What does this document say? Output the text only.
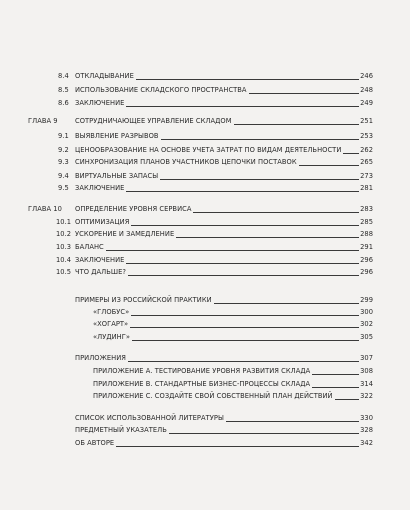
8.4 ОТКЛАДЫВАНИЕ	246
8.5 ИСПОЛЬЗОВАНИЕ СКЛАДСКОГО ПРОСТРАНСТВА	248
8.6 ЗАКЛЮЧЕНИЕ	249
ГЛАВА 9	СОТРУДНИЧАЮЩЕЕ УПРАВЛЕНИЕ СКЛАДОМ	251
9.1 ВЫЯВЛЕНИЕ РАЗРЫВОВ	253
9.2 ЦЕНООБРАЗОВАНИЕ НА ОСНОВЕ УЧЕТА ЗАТРАТ ПО ВИДАМ ДЕЯТЕЛЬНОСТИ	262
9.3 СИНХРОНИЗАЦИЯ ПЛАНОВ УЧАСТНИКОВ ЦЕПОЧКИ ПОСТАВОК	265
9.4 ВИРТУАЛЬНЫЕ ЗАПАСЫ	273
9.5 ЗАКЛЮЧЕНИЕ	281
ГЛАВА 10 ОПРЕДЕЛЕНИЕ УРОВНЯ СЕРВИСА	283
10.1 ОПТИМИЗАЦИЯ	285
10.2 УСКОРЕНИЕ И ЗАМЕДЛЕНИЕ	288
10.3 БАЛАНС	291
10.4 ЗАКЛЮЧЕНИЕ	296
10.5 ЧТО ДАЛЬШЕ?	296
ПРИМЕРЫ ИЗ РОССИЙСКОЙ ПРАКТИКИ	299
«ГЛОБУС»	300
«ХОГАРТ»	302
«ЛУДИНГ»	305
ПРИЛОЖЕНИЯ	307
ПРИЛОЖЕНИЕ А. ТЕСТИРОВАНИЕ УРОВНЯ РАЗВИТИЯ СКЛАДА	308
ПРИЛОЖЕНИЕ В. СТАНДАРТНЫЕ БИЗНЕС-ПРОЦЕССЫ СКЛАДА	314
ПРИЛОЖЕНИЕ С. СОЗДАЙТЕ СВОЙ СОБСТВЕННЫЙ ПЛАН ДЕЙСТВИЙ	322
СПИСОК ИСПОЛЬЗОВАННОЙ ЛИТЕРАТУРЫ	330
ПРЕДМЕТНЫЙ УКАЗАТЕЛЬ	328
ОБ АВТОРЕ	342
